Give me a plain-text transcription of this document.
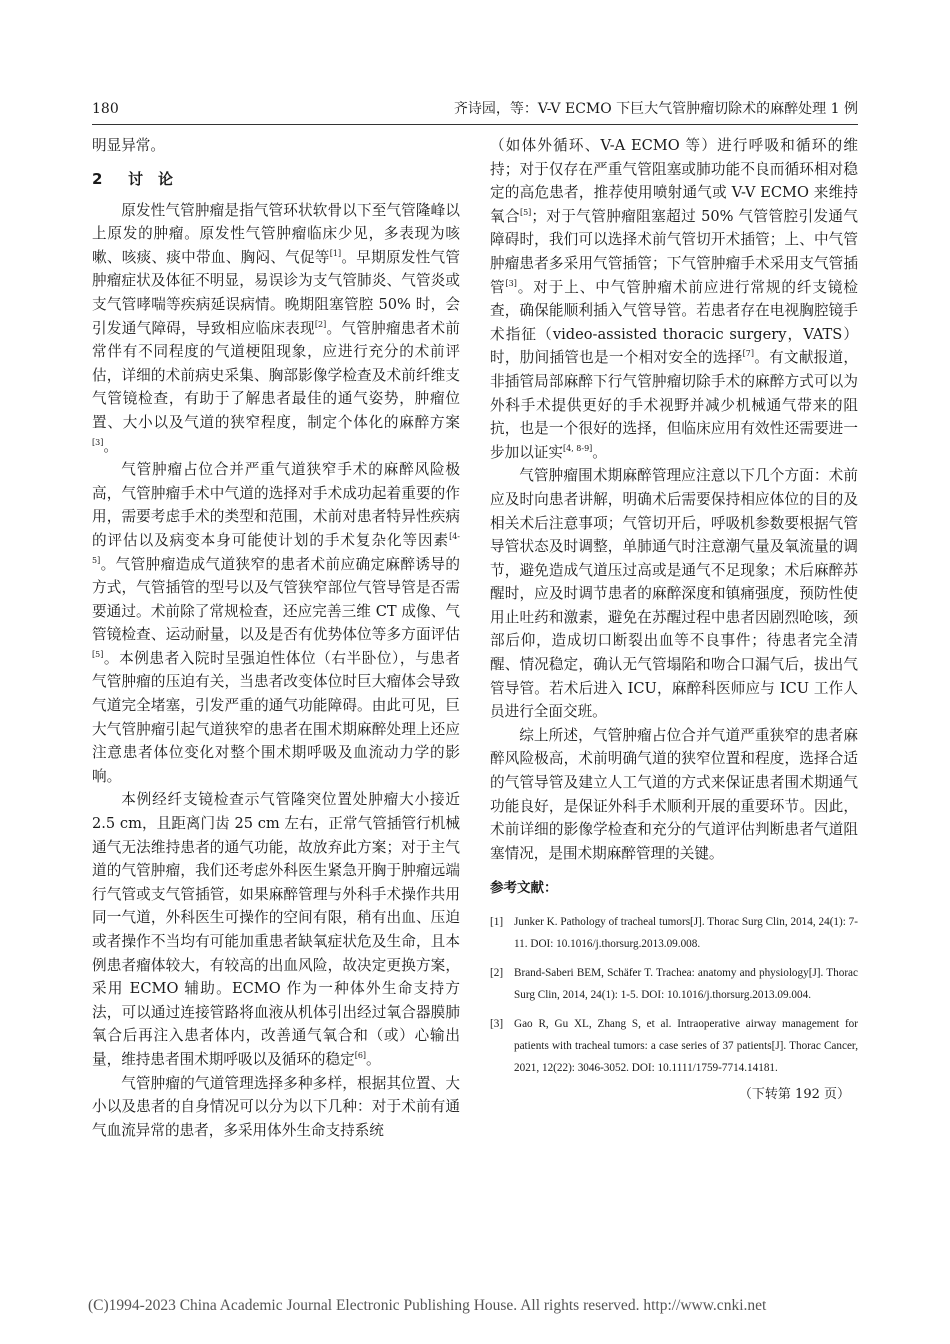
180	齐诗园，等：V-V ECMO 下巨大气管肿瘤切除术的麻醉处理 1 例

明显异常。

2 讨　论

原发性气管肿瘤是指气管环状软骨以下至气管隆峰以上原发的肿瘤。原发性气管肿瘤临床少见，多表现为咳嗽、咳痰、痰中带血、胸闷、气促等[1]。早期原发性气管肿瘤症状及体征不明显，易误诊为支气管肺炎、气管炎或支气管哮喘等疾病延误病情。晚期阻塞管腔 50% 时，会引发通气障碍，导致相应临床表现[2]。气管肿瘤患者术前常伴有不同程度的气道梗阻现象，应进行充分的术前评估，详细的术前病史采集、胸部影像学检查及术前纤维支气管镜检查，有助于了解患者最佳的通气姿势，肿瘤位置、大小以及气道的狭窄程度，制定个体化的麻醉方案[3]。

气管肿瘤占位合并严重气道狭窄手术的麻醉风险极高，气管肿瘤手术中气道的选择对手术成功起着重要的作用，需要考虑手术的类型和范围，术前对患者特异性疾病的评估以及病变本身可能使计划的手术复杂化等因素[4-5]。气管肿瘤造成气道狭窄的患者术前应确定麻醉诱导的方式，气管插管的型号以及气管狭窄部位气管导管是否需要通过。术前除了常规检查，还应完善三维 CT 成像、气管镜检查、运动耐量，以及是否有优势体位等多方面评估[5]。本例患者入院时呈强迫性体位（右半卧位），与患者气管肿瘤的压迫有关，当患者改变体位时巨大瘤体会导致气道完全堵塞，引发严重的通气功能障碍。由此可见，巨大气管肿瘤引起气道狭窄的患者在围术期麻醉处理上还应注意患者体位变化对整个围术期呼吸及血流动力学的影响。

本例经纤支镜检查示气管隆突位置处肿瘤大小接近 2.5 cm，且距离门齿 25 cm 左右，正常气管插管行机械通气无法维持患者的通气功能，故放弃此方案；对于主气道的气管肿瘤，我们还考虑外科医生紧急开胸于肿瘤远端行气管或支气管插管，如果麻醉管理与外科手术操作共用同一气道，外科医生可操作的空间有限，稍有出血、压迫或者操作不当均有可能加重患者缺氧症状危及生命，且本例患者瘤体较大，有较高的出血风险，故决定更换方案，采用 ECMO 辅助。ECMO 作为一种体外生命支持方法，可以通过连接管路将血液从机体引出经过氧合器膜肺氧合后再注入患者体内，改善通气氧合和（或）心输出量，维持患者围术期呼吸以及循环的稳定[6]。

气管肿瘤的气道管理选择多种多样，根据其位置、大小以及患者的自身情况可以分为以下几种：对于术前有通气血流异常的患者，多采用体外生命支持系统

（如体外循环、V-A ECMO 等）进行呼吸和循环的维持；对于仅存在严重气管阻塞或肺功能不良而循环相对稳定的高危患者，推荐使用喷射通气或 V-V ECMO 来维持氧合[5]；对于气管肿瘤阻塞超过 50% 气管管腔引发通气障碍时，我们可以选择术前气管切开术插管；上、中气管肿瘤患者多采用气管插管；下气管肿瘤手术采用支气管插管[3]。对于上、中气管肿瘤术前应进行常规的纤支镜检查，确保能顺利插入气管导管。若患者存在电视胸腔镜手术指征（video-assisted thoracic surgery，VATS）时，肋间插管也是一个相对安全的选择[7]。有文献报道，非插管局部麻醉下行气管肿瘤切除手术的麻醉方式可以为外科手术提供更好的手术视野并减少机械通气带来的阻抗，也是一个很好的选择，但临床应用有效性还需要进一步加以证实[4, 8-9]。

气管肿瘤围术期麻醉管理应注意以下几个方面：术前应及时向患者讲解，明确术后需要保持相应体位的目的及相关术后注意事项；气管切开后，呼吸机参数要根据气管导管状态及时调整，单肺通气时注意潮气量及氧流量的调节，避免造成气道压过高或是通气不足现象；术后麻醉苏醒时，应及时调节患者的麻醉深度和镇痛强度，预防性使用止吐药和激素，避免在苏醒过程中患者因剧烈呛咳，颈部后仰，造成切口断裂出血等不良事件；待患者完全清醒、情况稳定，确认无气管塌陷和吻合口漏气后，拔出气管导管。若术后进入 ICU，麻醉科医师应与 ICU 工作人员进行全面交班。

综上所述，气管肿瘤占位合并气道严重狭窄的患者麻醉风险极高，术前明确气道的狭窄位置和程度，选择合适的气管导管及建立人工气道的方式来保证患者围术期通气功能良好，是保证外科手术顺利开展的重要环节。因此，术前详细的影像学检查和充分的气道评估判断患者气道阻塞情况，是围术期麻醉管理的关键。

参考文献：
[1] Junker K. Pathology of tracheal tumors[J]. Thorac Surg Clin, 2014, 24(1): 7-11. DOI: 10.1016/j.thorsurg.2013.09.008.
[2] Brand-Saberi BEM, Schäfer T. Trachea: anatomy and physiology[J]. Thorac Surg Clin, 2014, 24(1): 1-5. DOI: 10.1016/j.thorsurg.2013.09.004.
[3] Gao R, Gu XL, Zhang S, et al. Intraoperative airway management for patients with tracheal tumors: a case series of 37 patients[J]. Thorac Cancer, 2021, 12(22): 3046-3052. DOI: 10.1111/1759-7714.14181.
（下转第 192 页）
(C)1994-2023 China Academic Journal Electronic Publishing House. All rights reserved. http://www.cnki.net
